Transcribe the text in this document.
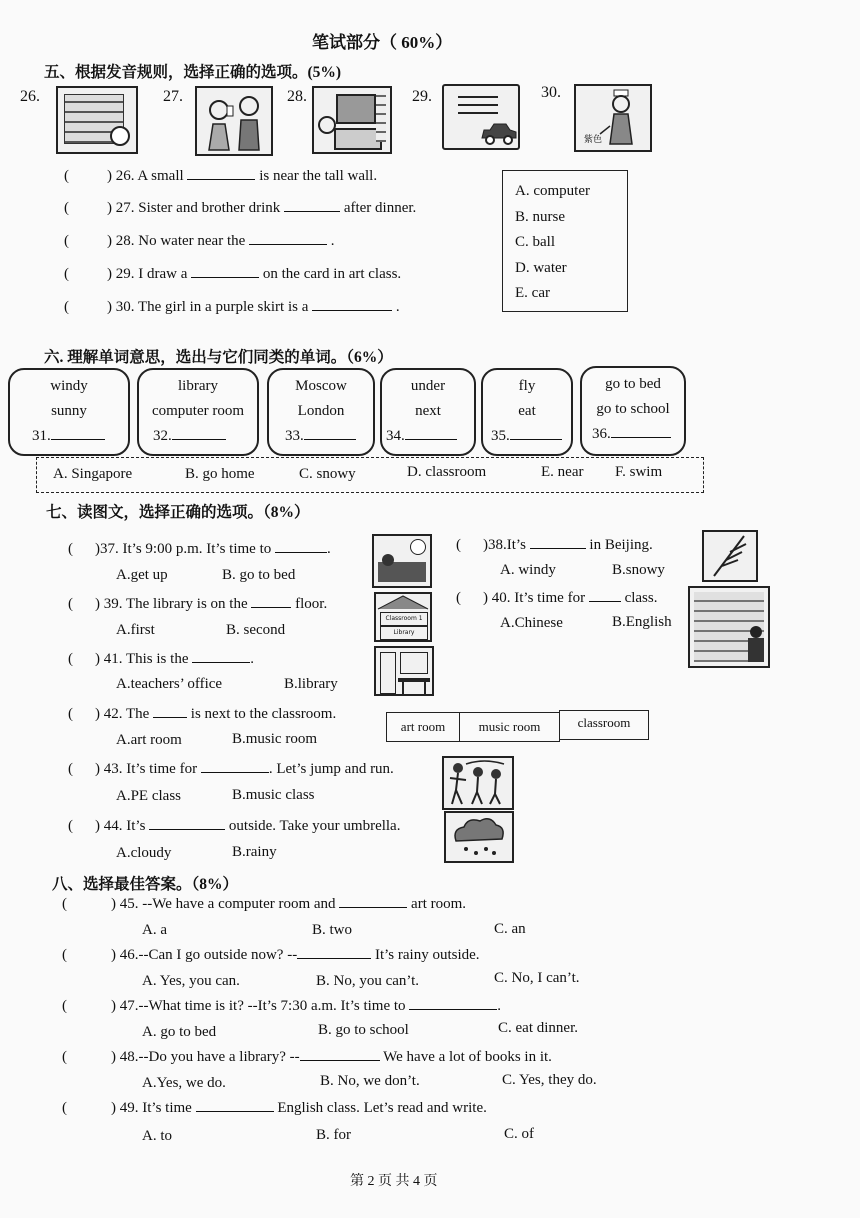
笔试部分（ 60%）
五、根据发音规则，选择正确的选项。(5%)
26.	27.	28.	29.	30.
紫色
(	) 26. A small	is near the tall wall.
(	) 27. Sister and brother drink	after dinner.
(	) 28. No water near the	.
(	) 29. I draw a	on the card in art class.
(	) 30. The girl in a purple skirt is a	.
A. computer
B. nurse
C. ball
D. water
E. car
六. 理解单词意思，选出与它们同类的单词。（6%）
windy
sunny
31.
library
computer room
32.
Moscow
London
33.
under
next
34.
fly
eat
35.
go to bed
go to school
36.
A. Singapore	B. go home	C. snowy	D. classroom	E. near F. swim
七、读图文，选择正确的选项。（8%）
( )37. It’s 9:00 p.m. It’s time to	.
A.get up	B. go to bed
( )38.It’s	in Beijing.
A. windy	B.snowy
( ) 39. The library is on the	floor.
A.first	B. second
Classroom 1
Library
( ) 40. It’s time for	class.
A.Chinese	B.English
( ) 41. This is the	.
A.teachers’ office	B.library
( ) 42. The	is next to the classroom.
A.art room	B.music room
art room	music room	classroom
( ) 43. It’s time for	. Let’s jump and run.
A.PE class	B.music class
( ) 44. It’s	outside. Take your umbrella.
A.cloudy	B.rainy
八、选择最佳答案。（8%）
(	) 45. --We have a computer room and	art room.
A. a	B. two	C. an
(	) 46.--Can I go outside now? --	It’s rainy outside.
A. Yes, you can.	B. No, you can’t.	C. No, I can’t.
(	) 47.--What time is it? --It’s 7:30 a.m. It’s time to	.
A. go to bed	B. go to school	C. eat dinner.
(	) 48.--Do you have a library? --	We have a lot of books in it.
A.Yes, we do.	B. No, we don’t.	C. Yes, they do.
(	) 49. It’s time	English class. Let’s read and write.
A. to	B. for	C. of
第 2 页 共 4 页
